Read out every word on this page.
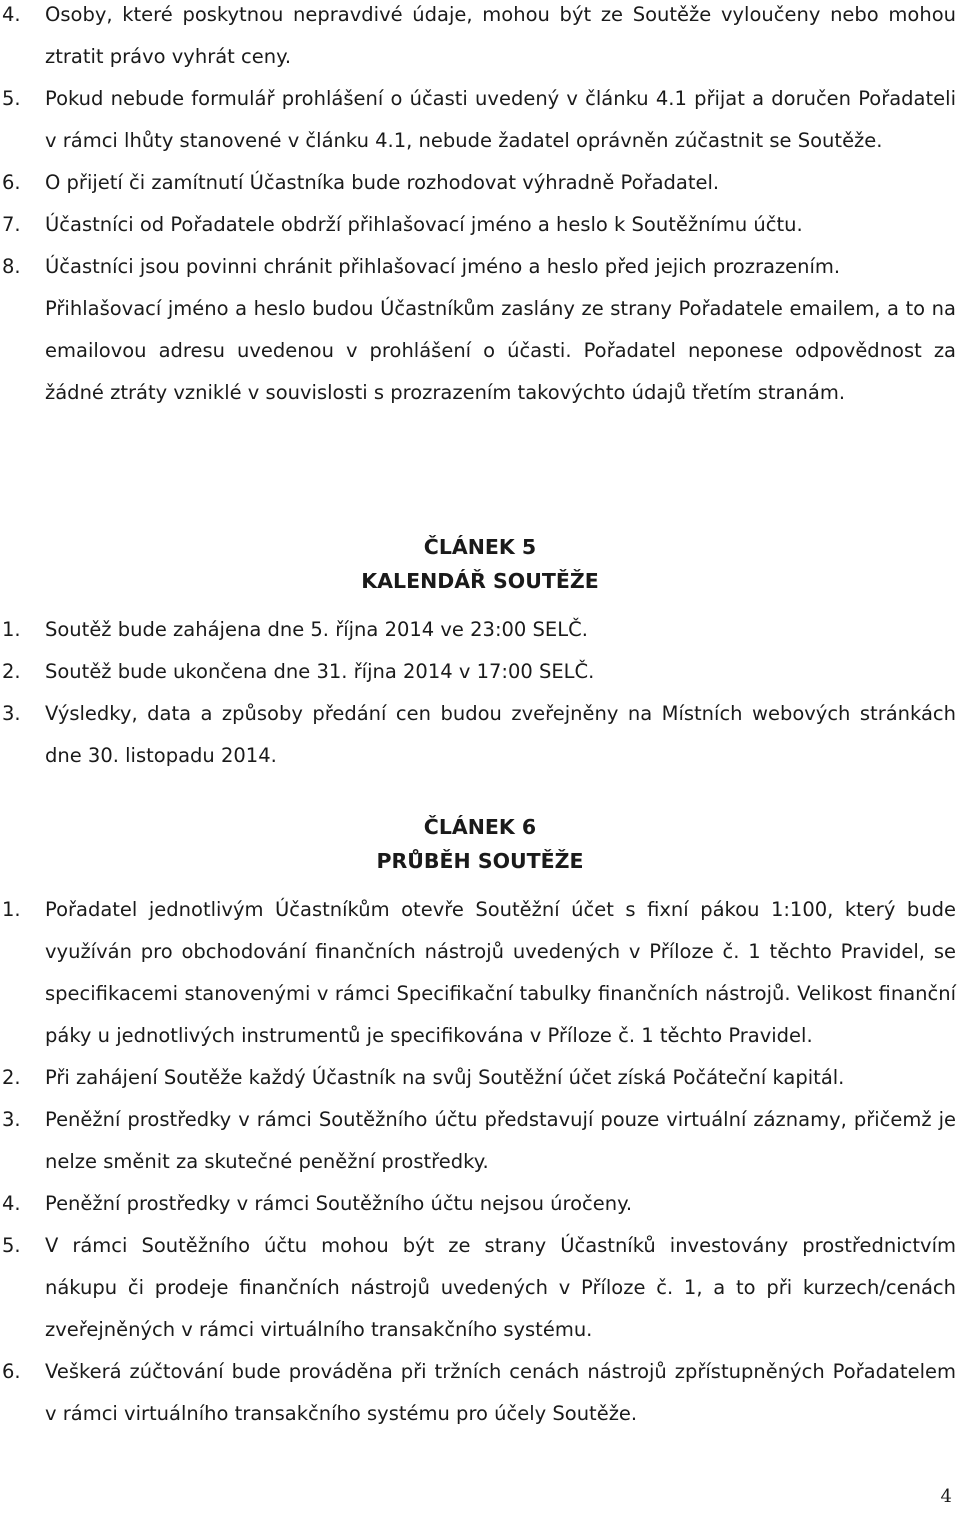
4. Osoby, které poskytnou nepravdivé údaje, mohou být ze Soutěže vyloučeny nebo mohou ztratit právo vyhrát ceny.
5. Pokud nebude formulář prohlášení o účasti uvedený v článku 4.1 přijat a doručen Pořadateli v rámci lhůty stanovené v článku 4.1, nebude žadatel oprávněn zúčastnit se Soutěže.
6. O přijetí či zamítnutí Účastníka bude rozhodovat výhradně Pořadatel.
7. Účastníci od Pořadatele obdrží přihlašovací jméno a heslo k Soutěžnímu účtu.
8. Účastníci jsou povinni chránit přihlašovací jméno a heslo před jejich prozrazením.
Přihlašovací jméno a heslo budou Účastníkům zaslány ze strany Pořadatele emailem, a to na emailovou adresu uvedenou v prohlášení o účasti. Pořadatel neponese odpovědnost za žádné ztráty vzniklé v souvislosti s prozrazením takovýchto údajů třetím stranám.
ČLÁNEK 5
KALENDÁŘ SOUTĚŽE
1. Soutěž bude zahájena dne 5. října 2014 ve 23:00 SELČ.
2. Soutěž bude ukončena dne 31. října 2014 v 17:00 SELČ.
3. Výsledky, data a způsoby předání cen budou zveřejněny na Místních webových stránkách dne 30. listopadu 2014.
ČLÁNEK 6
PRŮBĚH SOUTĚŽE
1. Pořadatel jednotlivým Účastníkům otevře Soutěžní účet s fixní pákou 1:100, který bude využíván pro obchodování finančních nástrojů uvedených v Příloze č. 1 těchto Pravidel, se specifikacemi stanovenými v rámci Specifikační tabulky finančních nástrojů. Velikost finanční páky u jednotlivých instrumentů je specifikována v Příloze č. 1 těchto Pravidel.
2. Při zahájení Soutěže každý Účastník na svůj Soutěžní účet získá Počáteční kapitál.
3. Peněžní prostředky v rámci Soutěžního účtu představují pouze virtuální záznamy, přičemž je nelze směnit za skutečné peněžní prostředky.
4. Peněžní prostředky v rámci Soutěžního účtu nejsou úročeny.
5. V rámci Soutěžního účtu mohou být ze strany Účastníků investovány prostřednictvím nákupu či prodeje finančních nástrojů uvedených v Příloze č. 1, a to při kurzech/cenách zveřejněných v rámci virtuálního transakčního systému.
6. Veškerá zúčtování bude prováděna při tržních cenách nástrojů zpřístupněných Pořadatelem v rámci virtuálního transakčního systému pro účely Soutěže.
4
